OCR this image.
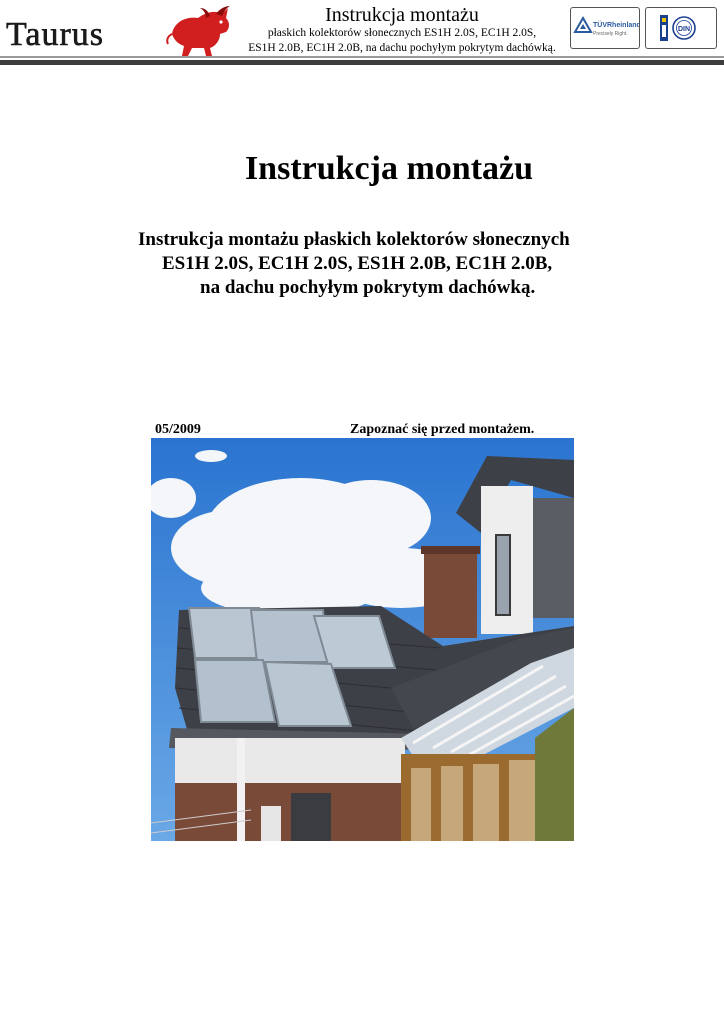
Taurus
Instrukcja montażu
płaskich kolektorów słonecznych ES1H 2.0S, EC1H 2.0S,
ES1H 2.0B, EC1H 2.0B, na dachu pochyłym pokrytym dachówką.
TÜVRheinland
Precisely Right.
DIN
Instrukcja montażu
Instrukcja montażu płaskich kolektorów słonecznych
ES1H 2.0S, EC1H 2.0S, ES1H 2.0B, EC1H 2.0B,
na dachu pochyłym pokrytym dachówką.
05/2009	Zapoznać się przed montażem.
